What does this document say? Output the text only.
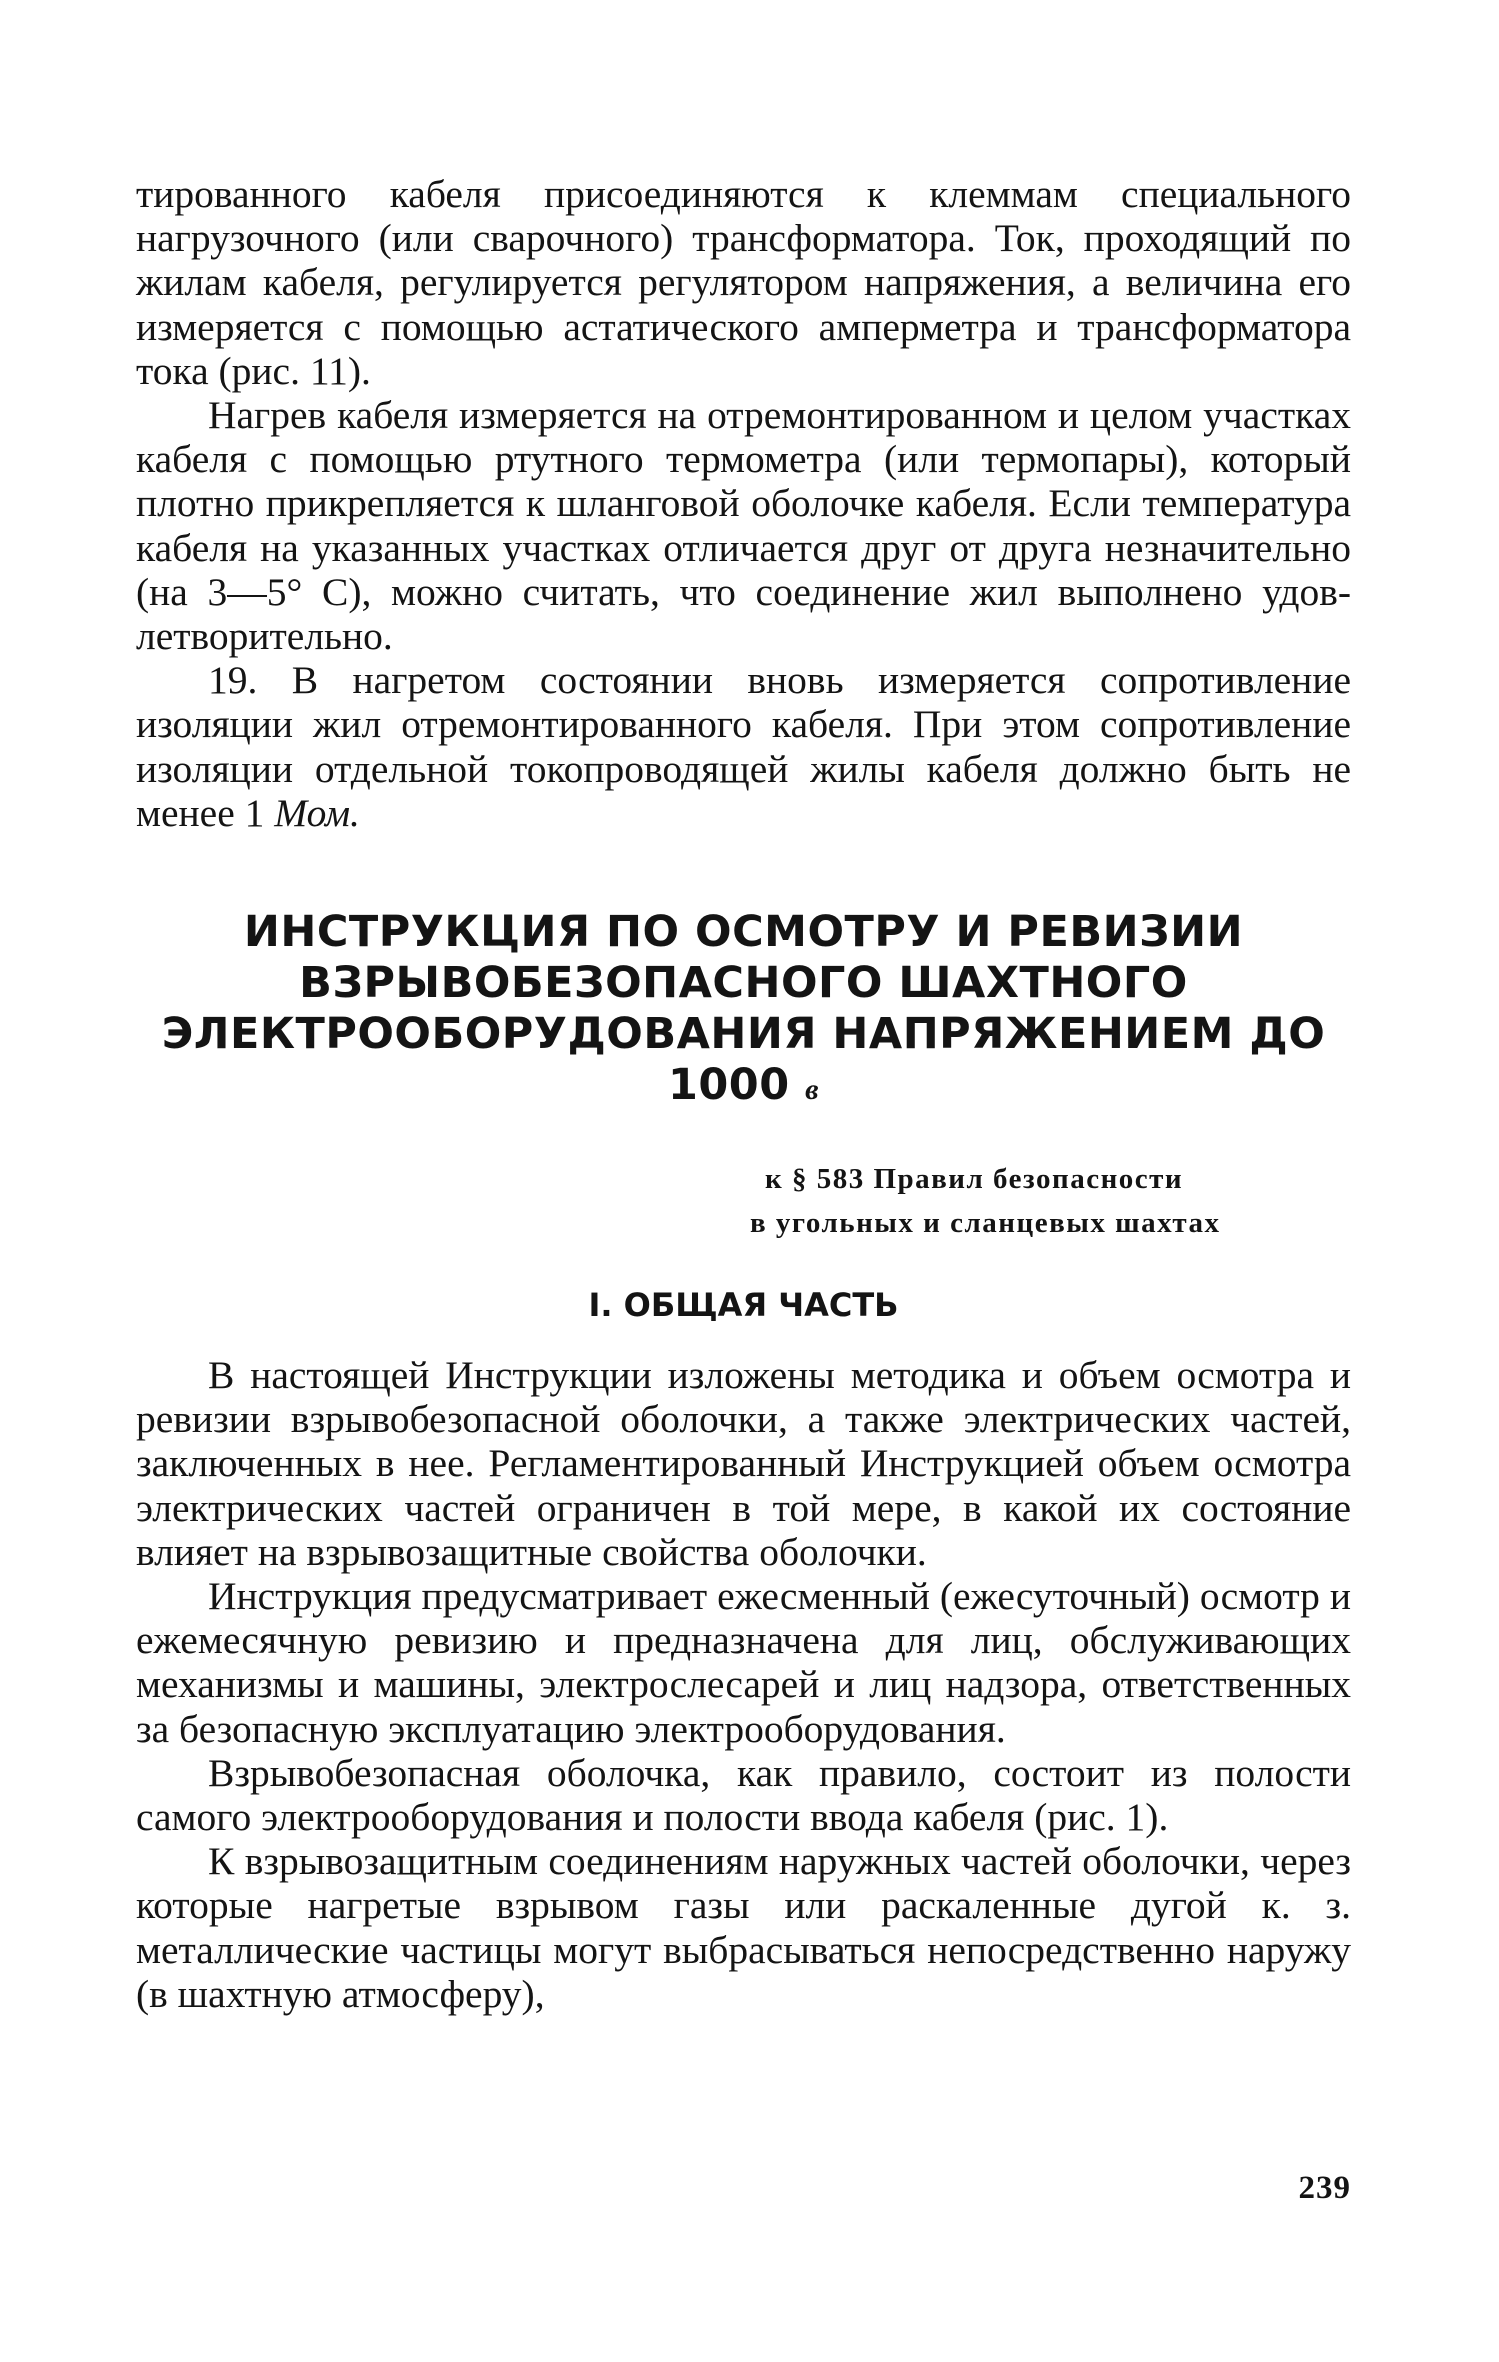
тированного кабеля присоединяются к клеммам специального нагрузочного (или сварочного) трансформатора. Ток, проходящий по жилам кабеля, регулируется регулятором напряжения, а величина его измеряется с помощью астатического амперметра и трансформатора тока (рис. 11).

Нагрев кабеля измеряется на отремонтированном и целом участках кабеля с помощью ртутного термометра (или термопары), который плотно прикрепляется к шланговой оболочке кабеля. Если температура кабеля на указанных участках отличается друг от друга незначительно (на 3—5° С), можно считать, что соединение жил выполнено удовлетворительно.

19. В нагретом состоянии вновь измеряется сопротивление изоляции жил отремонтированного кабеля. При этом сопротивление изоляции отдельной токопроводящей жилы кабеля должно быть не менее 1 Мом.

ИНСТРУКЦИЯ ПО ОСМОТРУ И РЕВИЗИИ
ВЗРЫВОБЕЗОПАСНОГО ШАХТНОГО
ЭЛЕКТРООБОРУДОВАНИЯ НАПРЯЖЕНИЕМ ДО 1000 в
к § 583 Правил безопасности
в угольных и сланцевых шахтах
I. ОБЩАЯ ЧАСТЬ

В настоящей Инструкции изложены методика и объем осмотра и ревизии взрывобезопасной оболочки, а также электрических частей, заключенных в нее. Регламентированный Инструкцией объем осмотра электрических частей ограничен в той мере, в какой их состояние влияет на взрывозащитные свойства оболочки.

Инструкция предусматривает ежесменный (ежесуточный) осмотр и ежемесячную ревизию и предназначена для лиц, обслуживающих механизмы и машины, электрослесарей и лиц надзора, ответственных за безопасную эксплуатацию электрооборудования.

Взрывобезопасная оболочка, как правило, состоит из полости самого электрооборудования и полости ввода кабеля (рис. 1).

К взрывозащитным соединениям наружных частей оболочки, через которые нагретые взрывом газы или раскаленные дугой к. з. металлические частицы могут выбрасываться непосредственно наружу (в шахтную атмосферу),

239
